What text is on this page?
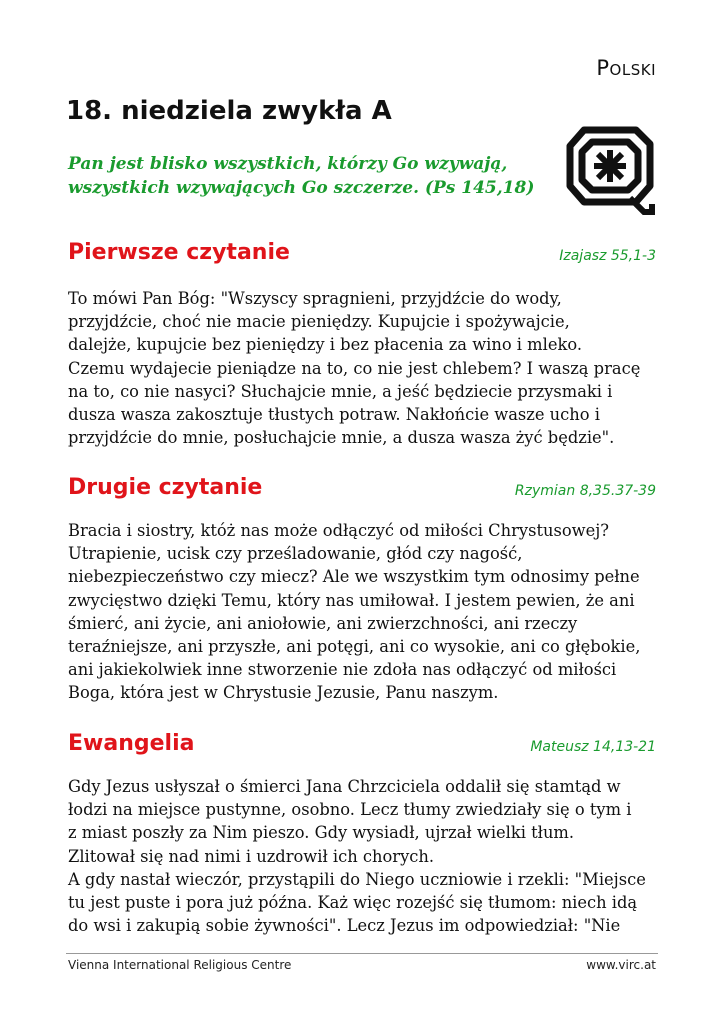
Polski
18. niedziela zwykła A
Pan jest blisko wszystkich, którzy Go wzywają,
wszystkich wzywających Go szczerze. (Ps 145,18)
Pierwsze czytanie	Izajasz 55,1-3
To mówi Pan Bóg: "Wszyscy spragnieni, przyjdźcie do wody,
przyjdźcie, choć nie macie pieniędzy. Kupujcie i spożywajcie,
dalejże, kupujcie bez pieniędzy i bez płacenia za wino i mleko.
Czemu wydajecie pieniądze na to, co nie jest chlebem? I waszą pracę
na to, co nie nasyci? Słuchajcie mnie, a jeść będziecie przysmaki i
dusza wasza zakosztuje tłustych potraw. Nakłońcie wasze ucho i
przyjdźcie do mnie, posłuchajcie mnie, a dusza wasza żyć będzie".
Drugie czytanie	Rzymian 8,35.37-39
Bracia i siostry, któż nas może odłączyć od miłości Chrystusowej?
Utrapienie, ucisk czy prześladowanie, głód czy nagość,
niebezpieczeństwo czy miecz? Ale we wszystkim tym odnosimy pełne
zwycięstwo dzięki Temu, który nas umiłował. I jestem pewien, że ani
śmierć, ani życie, ani aniołowie, ani zwierzchności, ani rzeczy
teraźniejsze, ani przyszłe, ani potęgi, ani co wysokie, ani co głębokie,
ani jakiekolwiek inne stworzenie nie zdoła nas odłączyć od miłości
Boga, która jest w Chrystusie Jezusie, Panu naszym.
Ewangelia	Mateusz 14,13-21
Gdy Jezus usłyszał o śmierci Jana Chrzciciela oddalił się stamtąd w
łodzi na miejsce pustynne, osobno. Lecz tłumy zwiedziały się o tym i
z miast poszły za Nim pieszo. Gdy wysiadł, ujrzał wielki tłum.
Zlitował się nad nimi i uzdrowił ich chorych.
A gdy nastał wieczór, przystąpili do Niego uczniowie i rzekli: "Miejsce
tu jest puste i pora już późna. Każ więc rozejść się tłumom: niech idą
do wsi i zakupią sobie żywności". Lecz Jezus im odpowiedział: "Nie
Vienna International Religious Centre	www.virc.at
